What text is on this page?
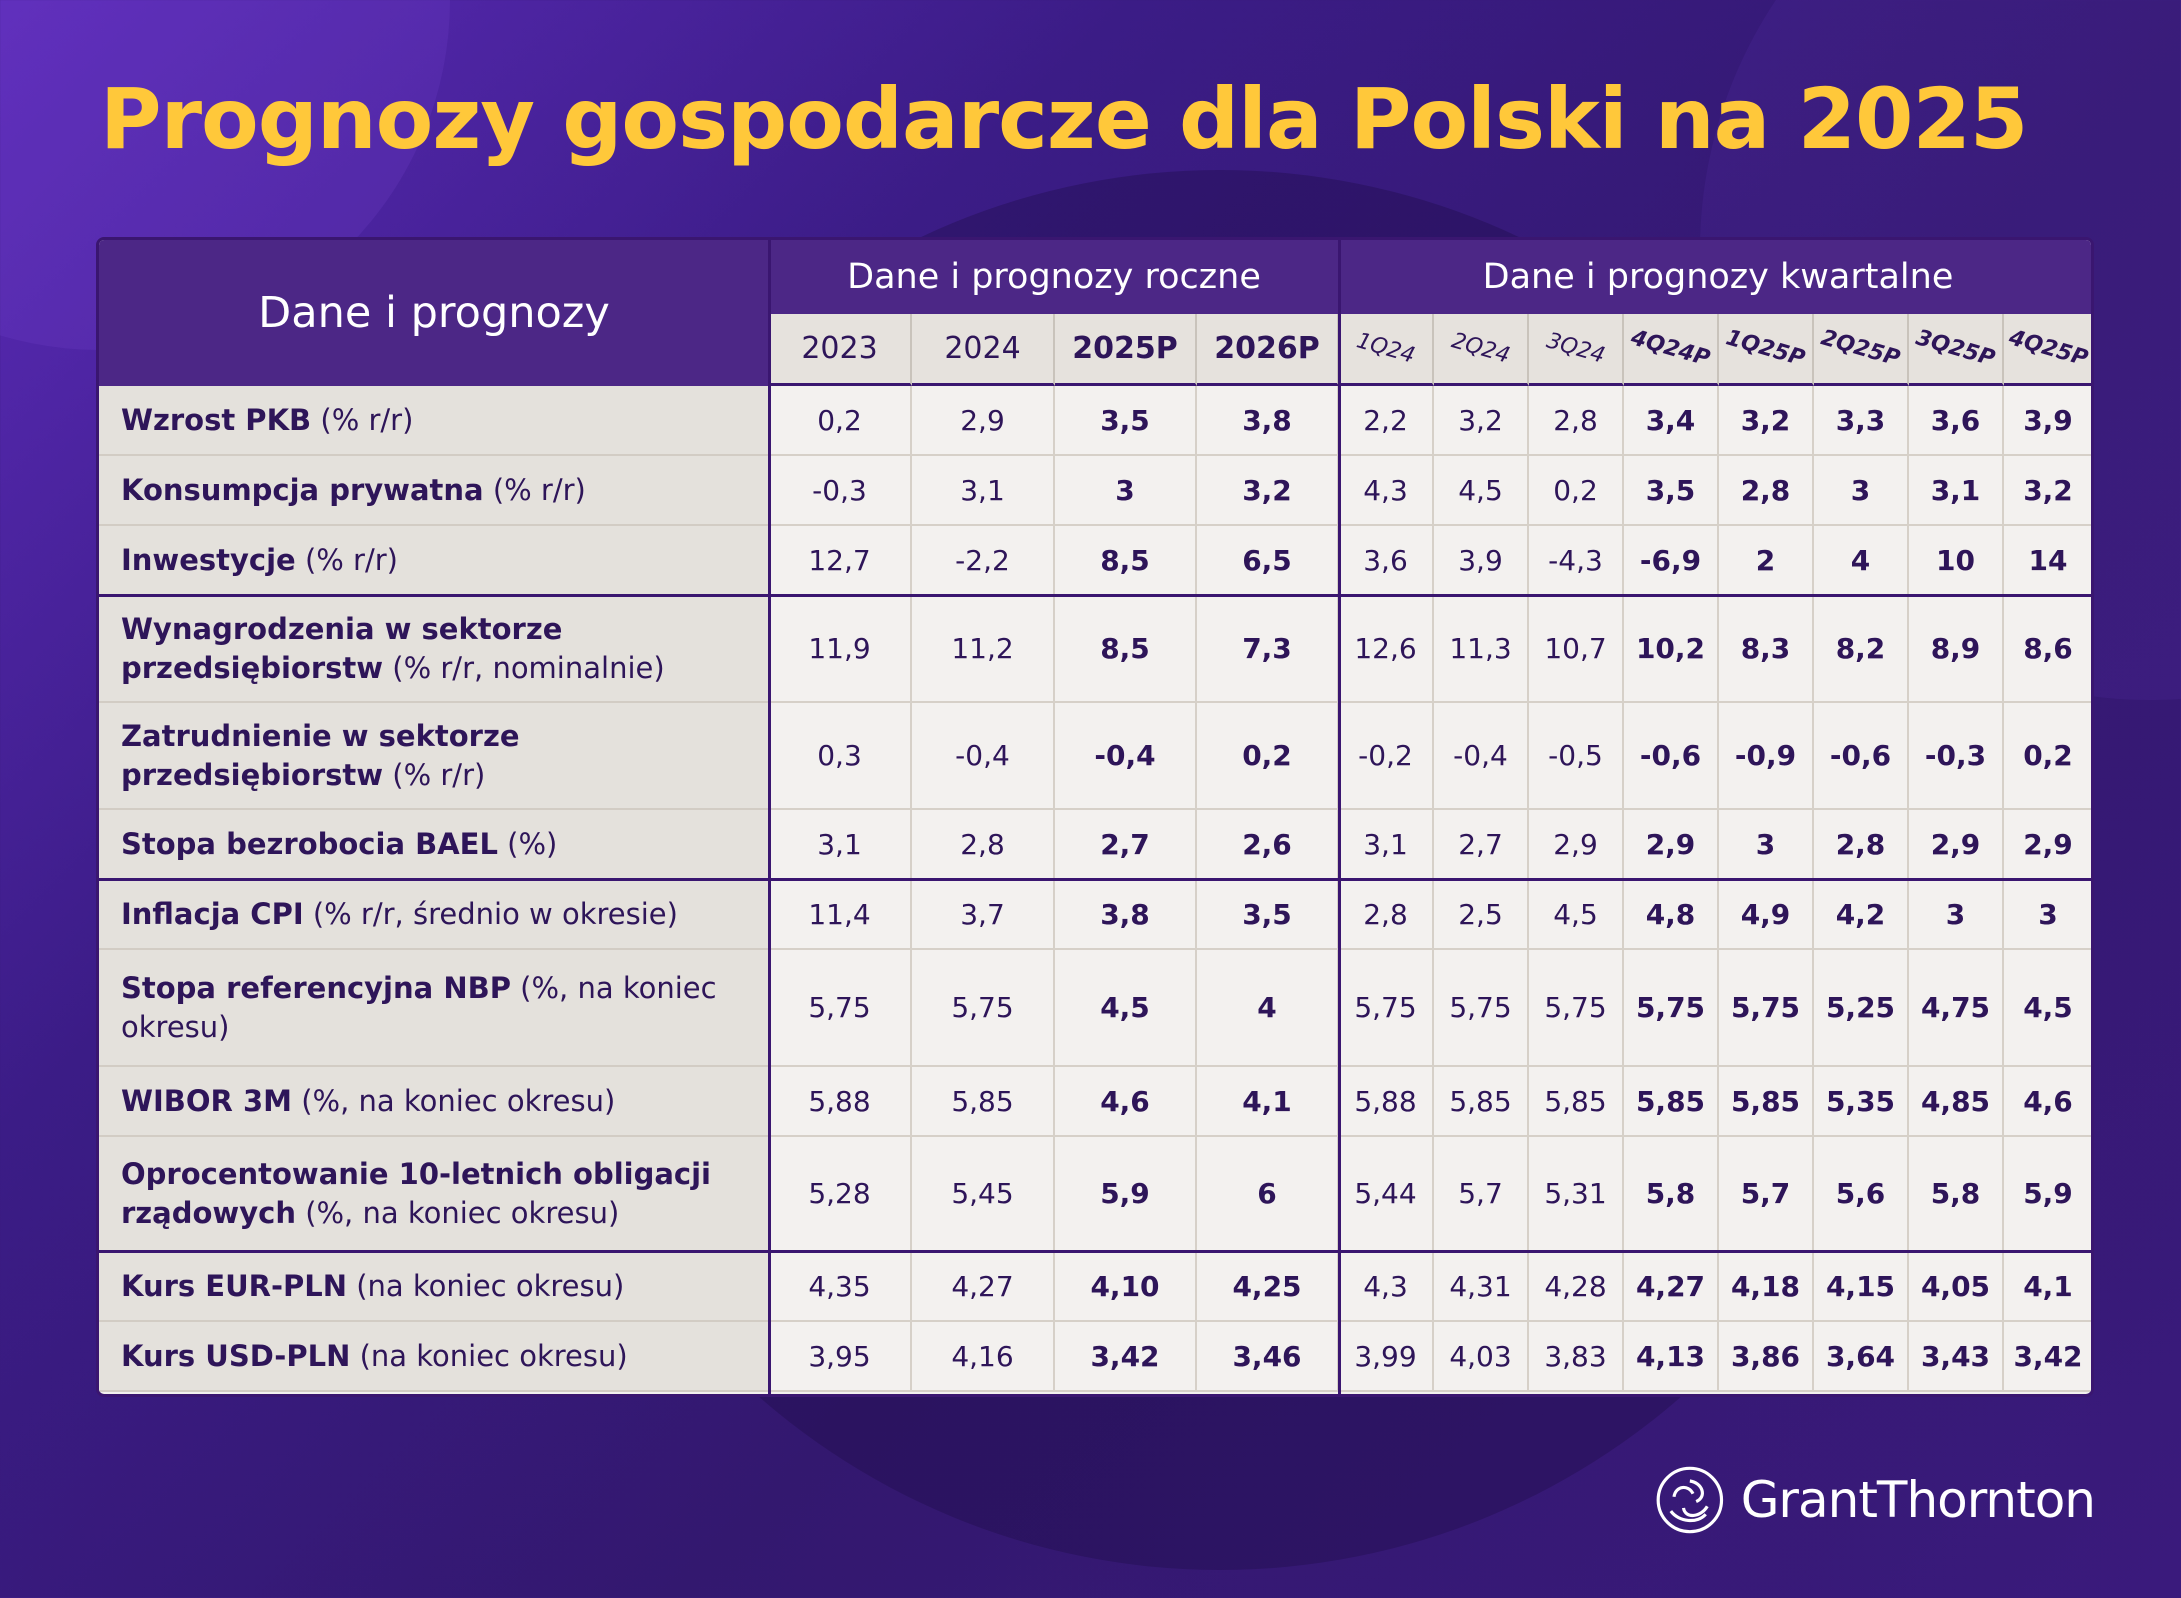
Prognozy gospodarcze dla Polski na 2025
Dane i prognozy
Dane i prognozy roczne	Dane i prognozy kwartalne
2023 2024 2025P 2026P 1Q24 2Q24 3Q24 4Q24P 1Q25P 2Q25P 3Q25P 4Q25P
Wzrost PKB (% r/r)	0,2	2,9	3,5	3,8	2,2 3,2 2,8 3,4 3,2 3,3 3,6 3,9
Konsumpcja prywatna (% r/r)	-0,3	3,1	3	3,2	4,3 4,5 0,2 3,5 2,8 3 3,1 3,2
Inwestycje (% r/r)	12,7	-2,2	8,5	6,5	3,6 3,9 -4,3 -6,9 2	4 10 14
Wynagrodzenia w sektorze przedsiębiorstw (% r/r, nominalnie)
11,9	11,2	8,5	7,3 12,6 11,3 10,7 10,2 8,3 8,2 8,9 8,6
Zatrudnienie w sektorze przedsiębiorstw (% r/r)
0,3	-0,4	-0,4	0,2 -0,2 -0,4 -0,5 -0,6 -0,9 -0,6 -0,3 0,2
Stopa bezrobocia BAEL (%)	3,1	2,8	2,7	2,6	3,1 2,7 2,9 2,9 3 2,8 2,9 2,9
Inflacja CPI (% r/r, średnio w okresie)	11,4	3,7	3,8	3,5	2,8 2,5 4,5 4,8 4,9 4,2 3	3
Stopa referencyjna NBP (%, na koniec okresu)
5,75	5,75	4,5	4	5,75 5,75 5,75 5,75 5,75 5,25 4,75 4,5
WIBOR 3M (%, na koniec okresu)	5,88	5,85	4,6	4,1 5,88 5,85 5,85 5,85 5,85 5,35 4,85 4,6
Oprocentowanie 10-letnich obligacji rządowych (%, na koniec okresu)
5,28	5,45	5,9	6	5,44 5,7 5,31 5,8 5,7 5,6 5,8 5,9
Kurs EUR-PLN (na koniec okresu)	4,35	4,27	4,10	4,25 4,3 4,31 4,28 4,27 4,18 4,15 4,05 4,1
Kurs USD-PLN (na koniec okresu)	3,95	4,16	3,42	3,46 3,99 4,03 3,83 4,13 3,86 3,64 3,43 3,42
GrantThornton
